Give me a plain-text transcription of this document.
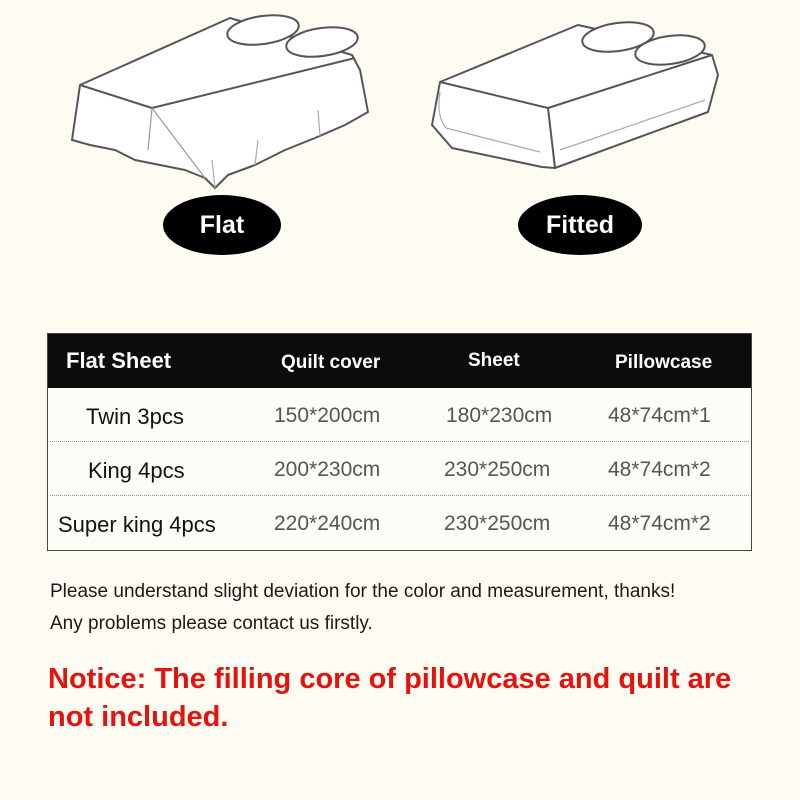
Flat	Fitted
Flat Sheet	Quilt cover	Sheet	Pillowcase
Twin 3pcs	150*200cm	180*230cm	48*74cm*1
King 4pcs	200*230cm	230*250cm	48*74cm*2
Super king 4pcs	220*240cm	230*250cm	48*74cm*2
Please understand slight deviation for the color and measurement, thanks!
Any problems please contact us firstly.
Notice: The filling core of pillowcase and quilt are not included.
